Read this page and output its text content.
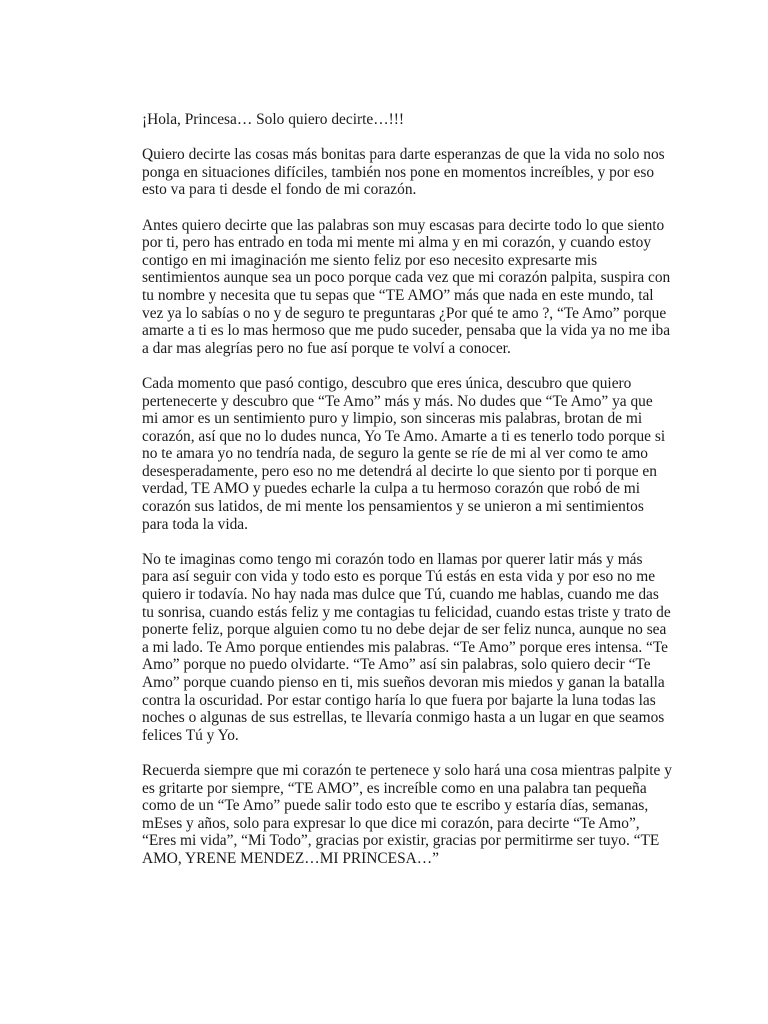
¡Hola, Princesa… Solo quiero decirte…!!!

Quiero decirte las cosas más bonitas para darte esperanzas de que la vida no solo nos
ponga en situaciones difíciles, también nos pone en momentos increíbles, y por eso
esto va para ti desde el fondo de mi corazón.

Antes quiero decirte que las palabras son muy escasas para decirte todo lo que siento
por ti, pero has entrado en toda mi mente mi alma y en mi corazón, y cuando estoy
contigo en mi imaginación me siento feliz por eso necesito expresarte mis
sentimientos aunque sea un poco porque cada vez que mi corazón palpita, suspira con
tu nombre y necesita que tu sepas que “TE AMO” más que nada en este mundo, tal
vez ya lo sabías o no y de seguro te preguntaras ¿Por qué te amo ?, “Te Amo” porque
amarte a ti es lo mas hermoso que me pudo suceder, pensaba que la vida ya no me iba
a dar mas alegrías pero no fue así porque te volví a conocer.

Cada momento que pasó contigo, descubro que eres única, descubro que quiero
pertenecerte y descubro que “Te Amo” más y más. No dudes que “Te Amo” ya que
mi amor es un sentimiento puro y limpio, son sinceras mis palabras, brotan de mi
corazón, así que no lo dudes nunca, Yo Te Amo. Amarte a ti es tenerlo todo porque si
no te amara yo no tendría nada, de seguro la gente se ríe de mi al ver como te amo
desesperadamente, pero eso no me detendrá al decirte lo que siento por ti porque en
verdad, TE AMO y puedes echarle la culpa a tu hermoso corazón que robó de mi
corazón sus latidos, de mi mente los pensamientos y se unieron a mi sentimientos
para toda la vida.

No te imaginas como tengo mi corazón todo en llamas por querer latir más y más
para así seguir con vida y todo esto es porque Tú estás en esta vida y por eso no me
quiero ir todavía. No hay nada mas dulce que Tú, cuando me hablas, cuando me das
tu sonrisa, cuando estás feliz y me contagias tu felicidad, cuando estas triste y trato de
ponerte feliz, porque alguien como tu no debe dejar de ser feliz nunca, aunque no sea
a mi lado. Te Amo porque entiendes mis palabras. “Te Amo” porque eres intensa. “Te
Amo” porque no puedo olvidarte. “Te Amo” así sin palabras, solo quiero decir “Te
Amo” porque cuando pienso en ti, mis sueños devoran mis miedos y ganan la batalla
contra la oscuridad. Por estar contigo haría lo que fuera por bajarte la luna todas las
noches o algunas de sus estrellas, te llevaría conmigo hasta a un lugar en que seamos
felices Tú y Yo.

Recuerda siempre que mi corazón te pertenece y solo hará una cosa mientras palpite y
es gritarte por siempre, “TE AMO”, es increíble como en una palabra tan pequeña
como de un “Te Amo” puede salir todo esto que te escribo y estaría días, semanas,
mEses y años, solo para expresar lo que dice mi corazón, para decirte “Te Amo”,
“Eres mi vida”, “Mi Todo”, gracias por existir, gracias por permitirme ser tuyo. “TE
AMO, YRENE MENDEZ…MI PRINCESA…”
